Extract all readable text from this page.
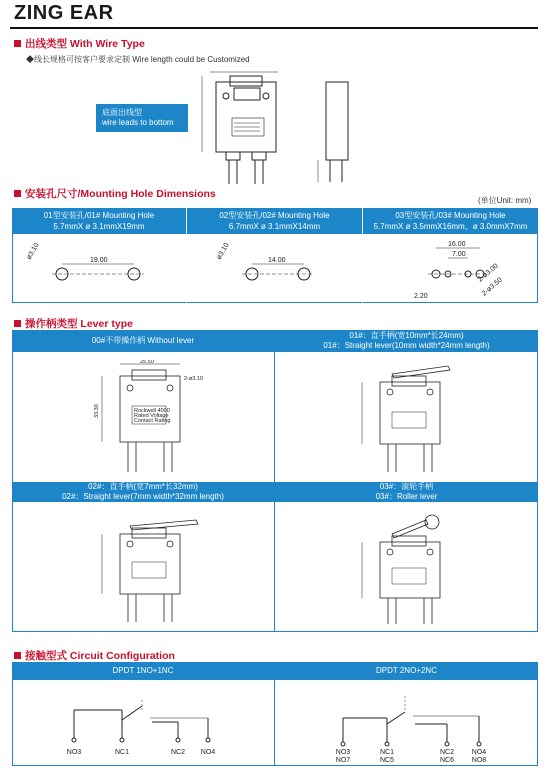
ZING EAR
出线类型 With Wire Type
◆线长规格可按客户要求定制 Wire length could be Customized
底面出线型
wire leads to bottom
安装孔尺寸/Mounting Hole Dimensions
(单位Unit: mm)
01型安装孔/01# Mounting Hole
5.7mmX ø 3.1mmX19mm
02型安装孔/02# Mounting Hole
6.7mmX ø 3.1mmX14mm
03型安装孔/03# Mounting Hole
5.7mmX ø 3.5mmX16mm、ø 3.0mmX7mm
ø3.10	19.00	ø3.10	14.00
16.00
7.00
2-ø3.00
2-ø3.50
2.20
操作柄类型 Lever type
00#不带操作柄 Without lever
01#：直手柄(宽10mm*长24mm)
01#：Straight lever(10mm width*24mm length)
02#：直手柄(宽7mm*长32mm)
02#：Straight lever(7mm width*32mm length)
03#：滚轮手柄
03#：Roller lever
25.50
2-ø3.10
33.30	Rockwell 4000
Rated Voltage
Contact Rating
接触型式 Circuit Configuration
DPDT 1NO+1NC	DPDT 2NO+2NC
NO3	NC1	NC2 NO4	NO3
NO7
NC1
NC5
NC2
NC6
NO4
NO8
